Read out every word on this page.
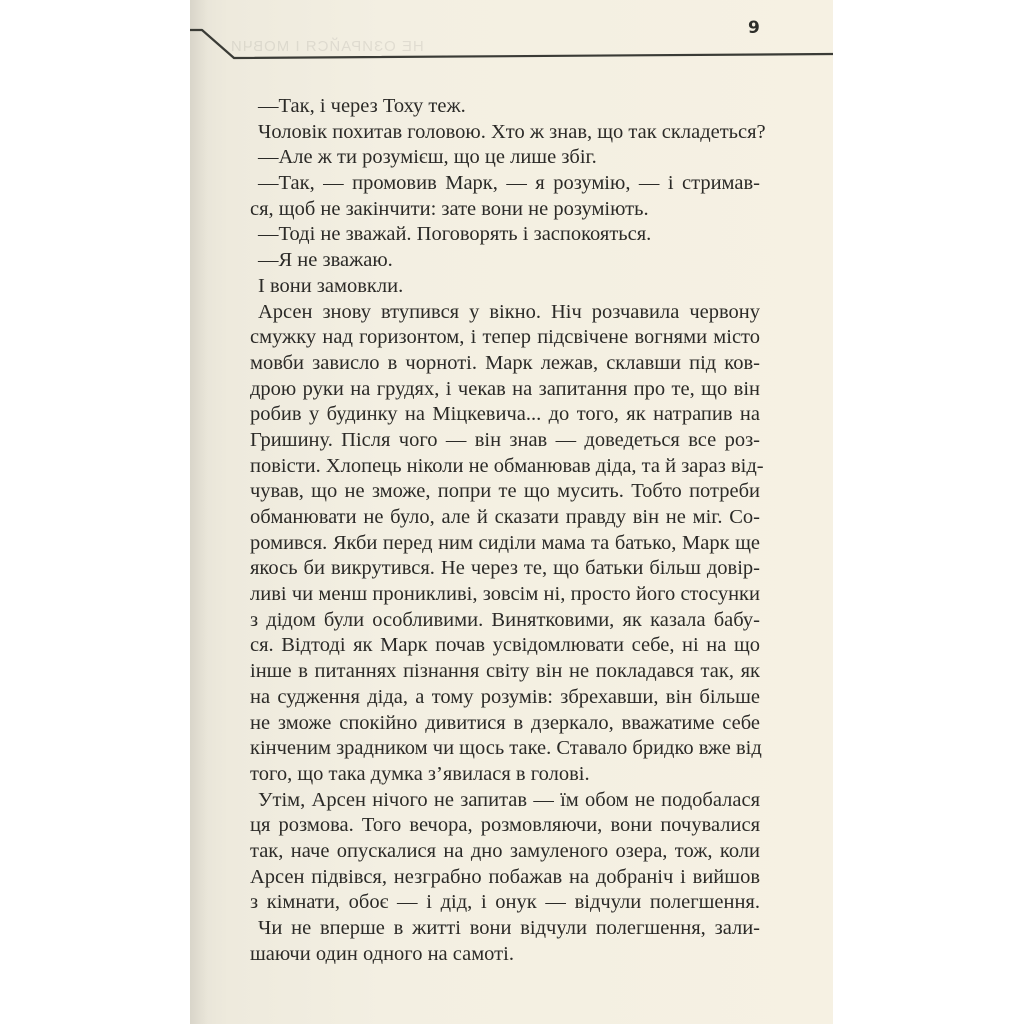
НЕ ОЗИРАЙСЯ І МОВЧИ
9
—Так, і через Тоху теж.
Чоловік похитав головою. Хто ж знав, що так складеться?
—Але ж ти розумієш, що це лише збіг.
—Так, — промовив Марк, — я розумію, — і стримав-
ся, щоб не закінчити: зате вони не розуміють.
—Тоді не зважай. Поговорять і заспокояться.
—Я не зважаю.
І вони замовкли.
Арсен знову втупився у вікно. Ніч розчавила червону
смужку над горизонтом, і тепер підсвічене вогнями місто
мовби зависло в чорноті. Марк лежав, склавши під ков-
дрою руки на грудях, і чекав на запитання про те, що він
робив у будинку на Міцкевича... до того, як натрапив на
Гришину. Після чого — він знав — доведеться все роз-
повісти. Хлопець ніколи не обманював діда, та й зараз від-
чував, що не зможе, попри те що мусить. Тобто потреби
обманювати не було, але й сказати правду він не міг. Со-
ромився. Якби перед ним сиділи мама та батько, Марк ще
якось би викрутився. Не через те, що батьки більш довір-
ливі чи менш проникливі, зовсім ні, просто його стосунки
з дідом були особливими. Винятковими, як казала бабу-
ся. Відтоді як Марк почав усвідомлювати себе, ні на що
інше в питаннях пізнання світу він не покладався так, як
на судження діда, а тому розумів: збрехавши, він більше
не зможе спокійно дивитися в дзеркало, вважатиме себе
кінченим зрадником чи щось таке. Ставало бридко вже від
того, що така думка з’явилася в голові.
Утім, Арсен нічого не запитав — їм обом не подобалася
ця розмова. Того вечора, розмовляючи, вони почувалися
так, наче опускалися на дно замуленого озера, тож, коли
Арсен підвівся, незграбно побажав на добраніч і вийшов
з кімнати, обоє — і дід, і онук — відчули полегшення.
Чи не вперше в житті вони відчули полегшення, зали-
шаючи один одного на самоті.
